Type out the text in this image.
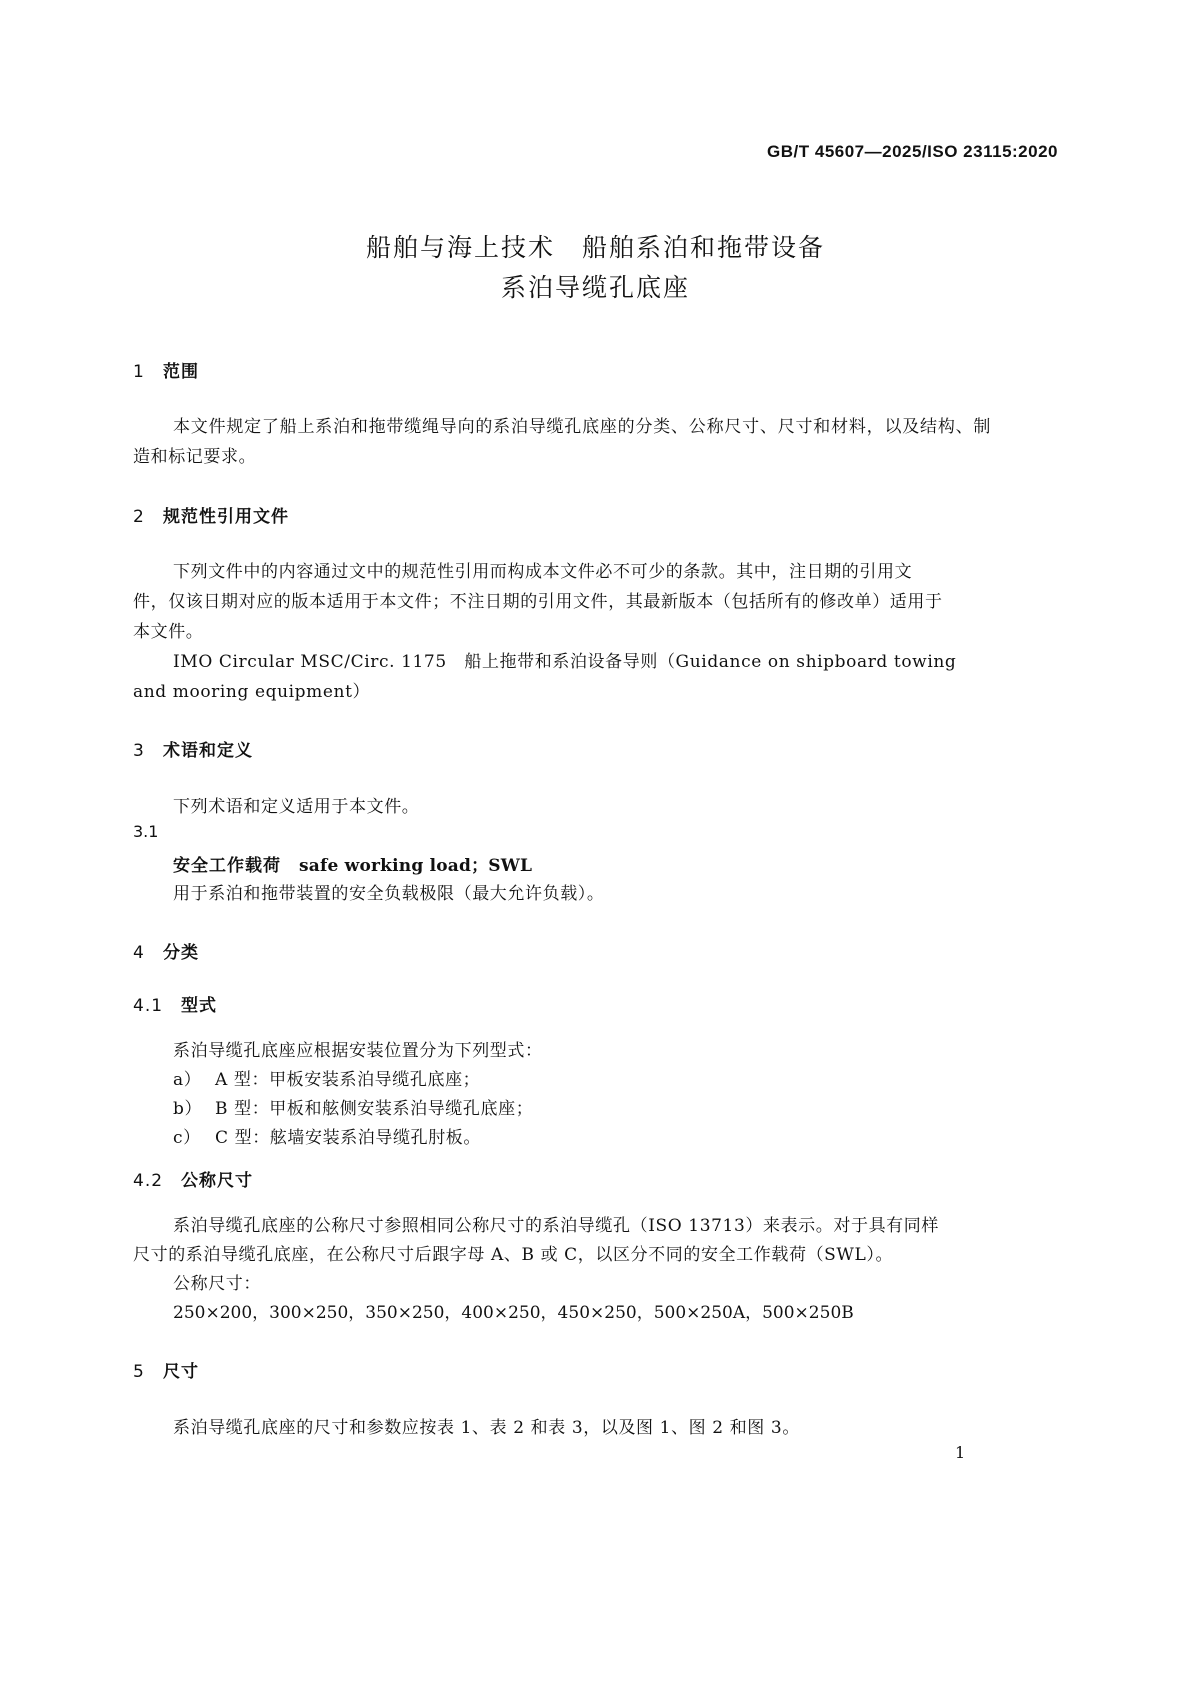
GB/T 45607—2025/ISO 23115:2020
船舶与海上技术　船舶系泊和拖带设备
系泊导缆孔底座
1 范围
本文件规定了船上系泊和拖带缆绳导向的系泊导缆孔底座的分类、公称尺寸、尺寸和材料，以及结构、制造和标记要求。
2 规范性引用文件
下列文件中的内容通过文中的规范性引用而构成本文件必不可少的条款。其中，注日期的引用文
件，仅该日期对应的版本适用于本文件；不注日期的引用文件，其最新版本（包括所有的修改单）适用于
本文件。
IMO Circular MSC/Circ. 1175　船上拖带和系泊设备导则（Guidance on shipboard towing
and mooring equipment）
3 术语和定义
下列术语和定义适用于本文件。
3.1
安全工作载荷 safe working load；SWL
用于系泊和拖带装置的安全负载极限（最大允许负载）。
4 分类
4.1 型式
系泊导缆孔底座应根据安装位置分为下列型式：
a） A 型：甲板安装系泊导缆孔底座；
b） B 型：甲板和舷侧安装系泊导缆孔底座；
c） C 型：舷墙安装系泊导缆孔肘板。
4.2 公称尺寸
系泊导缆孔底座的公称尺寸参照相同公称尺寸的系泊导缆孔（ISO 13713）来表示。对于具有同样
尺寸的系泊导缆孔底座，在公称尺寸后跟字母 A、B 或 C，以区分不同的安全工作载荷（SWL）。
公称尺寸：
250×200，300×250，350×250，400×250，450×250，500×250A，500×250B
5 尺寸
系泊导缆孔底座的尺寸和参数应按表 1、表 2 和表 3，以及图 1、图 2 和图 3。
1
